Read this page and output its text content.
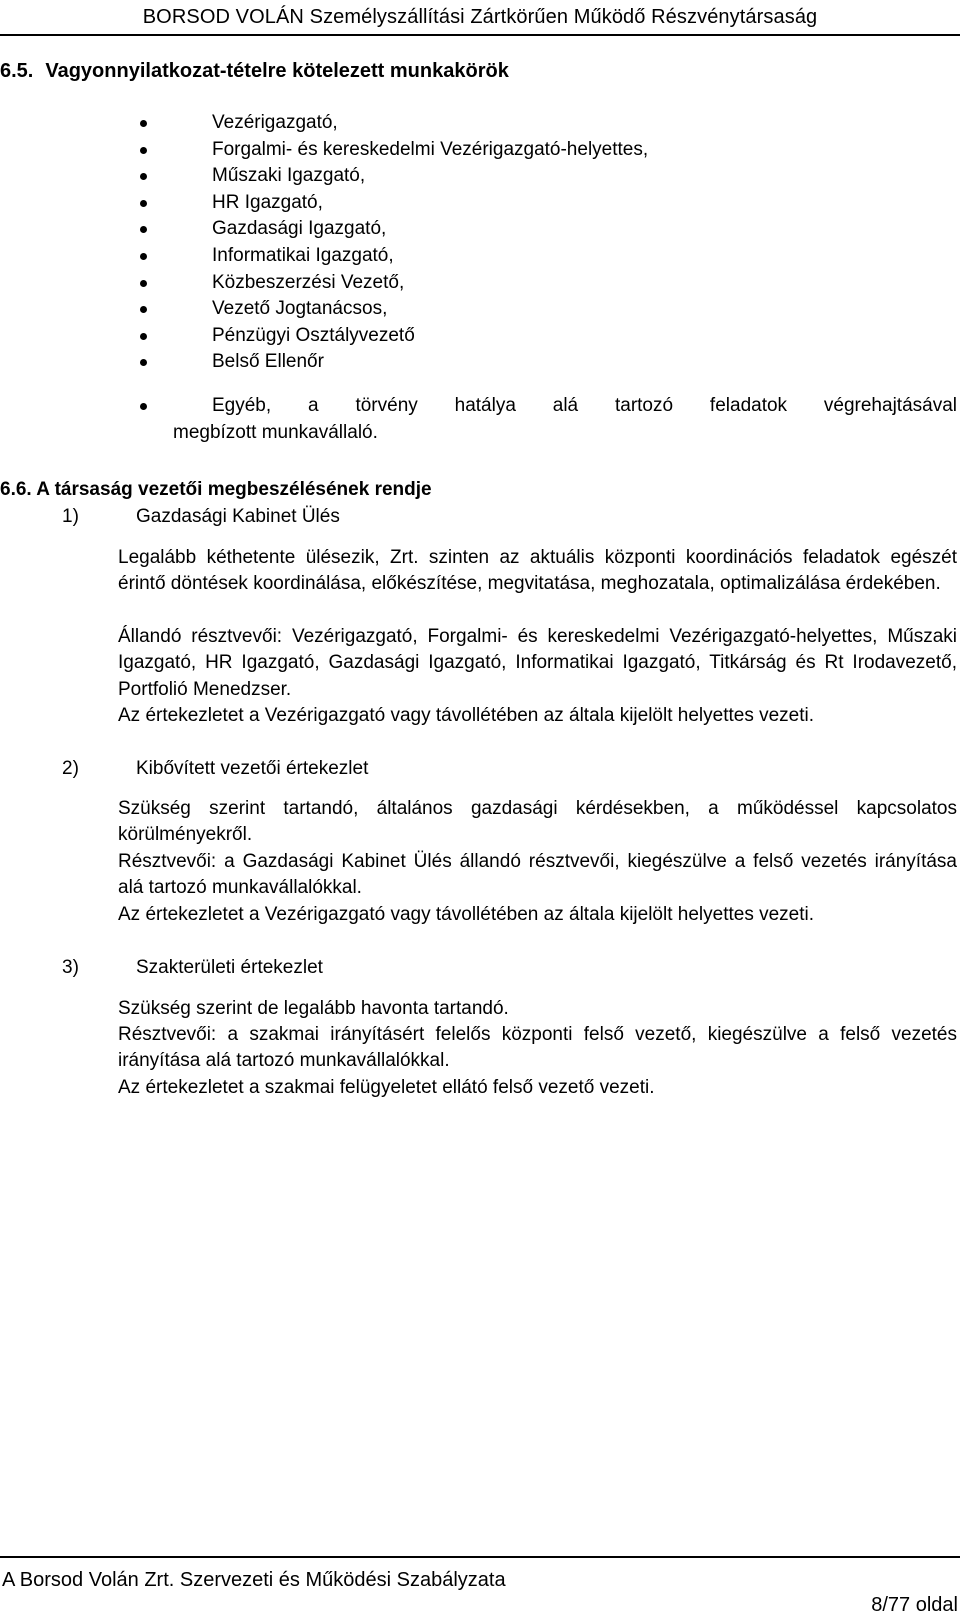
BORSOD VOLÁN Személyszállítási Zártkörűen Működő Részvénytársaság
6.5. Vagyonnyilatkozat-tételre kötelezett munkakörök
Vezérigazgató,
Forgalmi- és kereskedelmi Vezérigazgató-helyettes,
Műszaki Igazgató,
HR Igazgató,
Gazdasági Igazgató,
Informatikai Igazgató,
Közbeszerzési Vezető,
Vezető Jogtanácsos,
Pénzügyi Osztályvezető
Belső Ellenőr
Egyéb, a törvény hatálya alá tartozó feladatok végrehajtásával
megbízott munkavállaló.
6.6. A társaság vezetői megbeszélésének rendje
1)	Gazdasági Kabinet Ülés

Legalább kéthetente ülésezik, Zrt. szinten az aktuális központi koordinációs feladatok egészét érintő döntések koordinálása, előkészítése, megvitatása, meghozatala, optimalizálása érdekében.

Állandó résztvevői: Vezérigazgató, Forgalmi- és kereskedelmi Vezérigazgató-helyettes, Műszaki Igazgató, HR Igazgató, Gazdasági Igazgató, Informatikai Igazgató, Titkárság és Rt Irodavezető, Portfolió Menedzser.

Az értekezletet a Vezérigazgató vagy távollétében az általa kijelölt helyettes vezeti.

2)	Kibővített vezetői értekezlet

Szükség szerint tartandó, általános gazdasági kérdésekben, a működéssel kapcsolatos körülményekről.

Résztvevői: a Gazdasági Kabinet Ülés állandó résztvevői, kiegészülve a felső vezetés irányítása alá tartozó munkavállalókkal.

Az értekezletet a Vezérigazgató vagy távollétében az általa kijelölt helyettes vezeti.

3)	Szakterületi értekezlet

Szükség szerint de legalább havonta tartandó.

Résztvevői: a szakmai irányításért felelős központi felső vezető, kiegészülve a felső vezetés irányítása alá tartozó munkavállalókkal.

Az értekezletet a szakmai felügyeletet ellátó felső vezető vezeti.

A Borsod Volán Zrt. Szervezeti és Működési Szabályzata
8/77 oldal
